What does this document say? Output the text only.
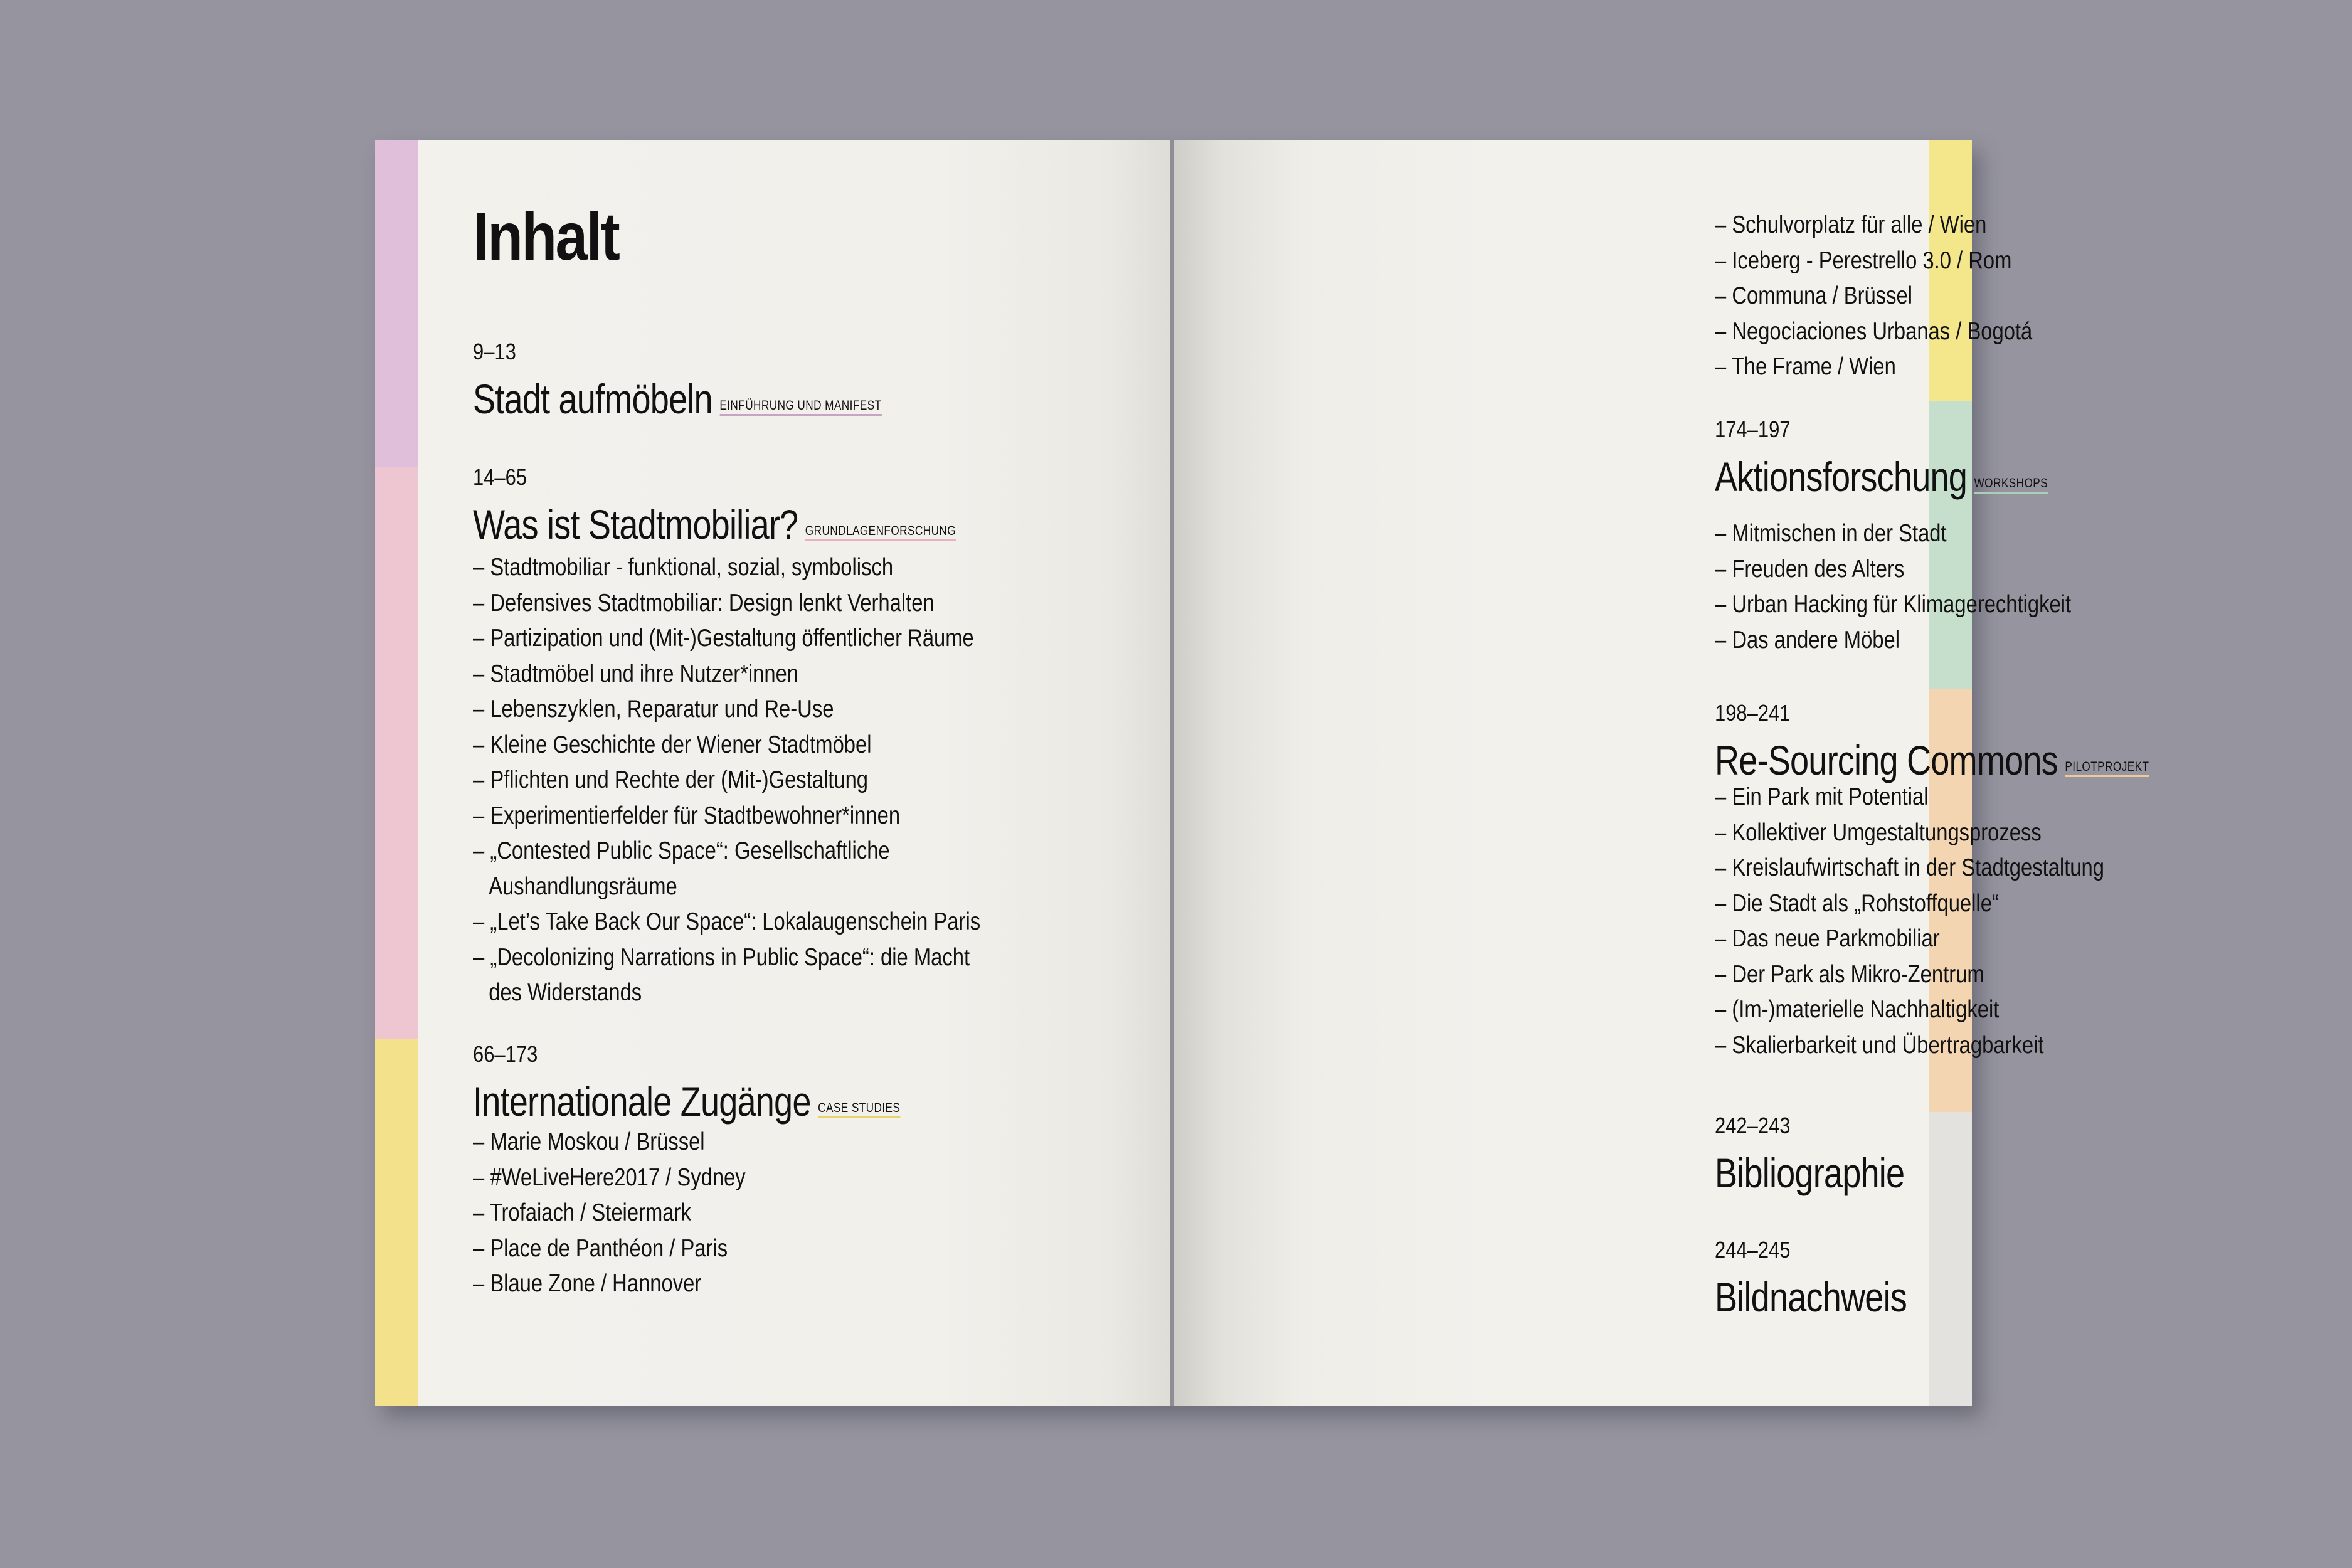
Inhalt
9–13
Stadt aufmöbeln EINFÜHRUNG UND MANIFEST
14–65
Was ist Stadtmobiliar? GRUNDLAGENFORSCHUNG
– Stadtmobiliar - funktional, sozial, symbolisch
– Defensives Stadtmobiliar: Design lenkt Verhalten
– Partizipation und (Mit-)Gestaltung öffentlicher Räume
– Stadtmöbel und ihre Nutzer*innen
– Lebenszyklen, Reparatur und Re-Use
– Kleine Geschichte der Wiener Stadtmöbel
– Pflichten und Rechte der (Mit-)Gestaltung
– Experimentierfelder für Stadtbewohner*innen
– „Contested Public Space“: Gesellschaftliche
Aushandlungsräume
– „Let’s Take Back Our Space“: Lokalaugenschein Paris
– „Decolonizing Narrations in Public Space“: die Macht
des Widerstands
66–173
Internationale Zugänge CASE STUDIES
– Marie Moskou / Brüssel
– #WeLiveHere2017 / Sydney
– Trofaiach / Steiermark
– Place de Panthéon / Paris
– Blaue Zone / Hannover
– Schulvorplatz für alle / Wien
– Iceberg - Perestrello 3.0 / Rom
– Communa / Brüssel
– Negociaciones Urbanas / Bogotá
– The Frame / Wien
174–197
Aktionsforschung WORKSHOPS
– Mitmischen in der Stadt
– Freuden des Alters
– Urban Hacking für Klimagerechtigkeit
– Das andere Möbel
198–241
Re-Sourcing Commons PILOTPROJEKT
– Ein Park mit Potential
– Kollektiver Umgestaltungsprozess
– Kreislaufwirtschaft in der Stadtgestaltung
– Die Stadt als „Rohstoffquelle“
– Das neue Parkmobiliar
– Der Park als Mikro-Zentrum
– (Im-)materielle Nachhaltigkeit
– Skalierbarkeit und Übertragbarkeit
242–243
Bibliographie
244–245
Bildnachweis
